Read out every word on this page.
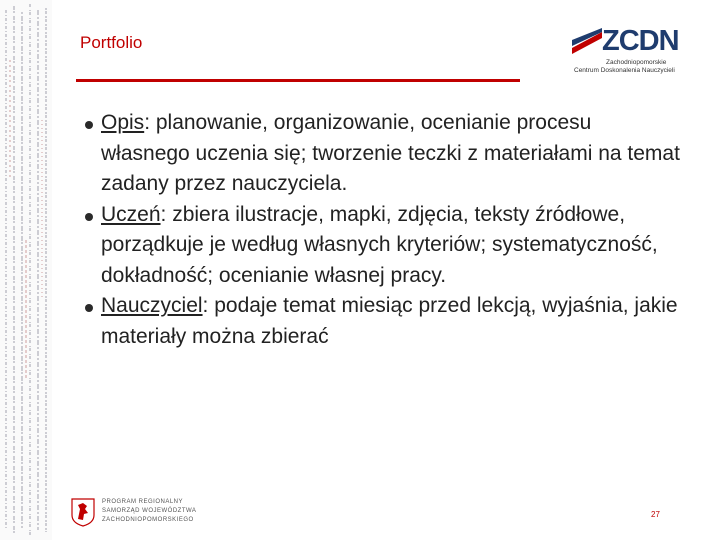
Portfolio	ZCDN
Zachodniopomorskie
Centrum Doskonalenia Nauczycieli
Opis: planowanie, organizowanie, ocenianie procesu własnego uczenia się; tworzenie teczki z materiałami na temat zadany przez nauczyciela.
Uczeń: zbiera ilustracje, mapki, zdjęcia, teksty źródłowe, porządkuje je według własnych kryteriów; systematyczność, dokładność; ocenianie własnej pracy.
Nauczyciel: podaje temat miesiąc przed lekcją, wyjaśnia, jakie materiały można zbierać
PROGRAM REGIONALNY
SAMORZĄD WOJEWÓDZTWA
ZACHODNIOPOMORSKIEGO
27
